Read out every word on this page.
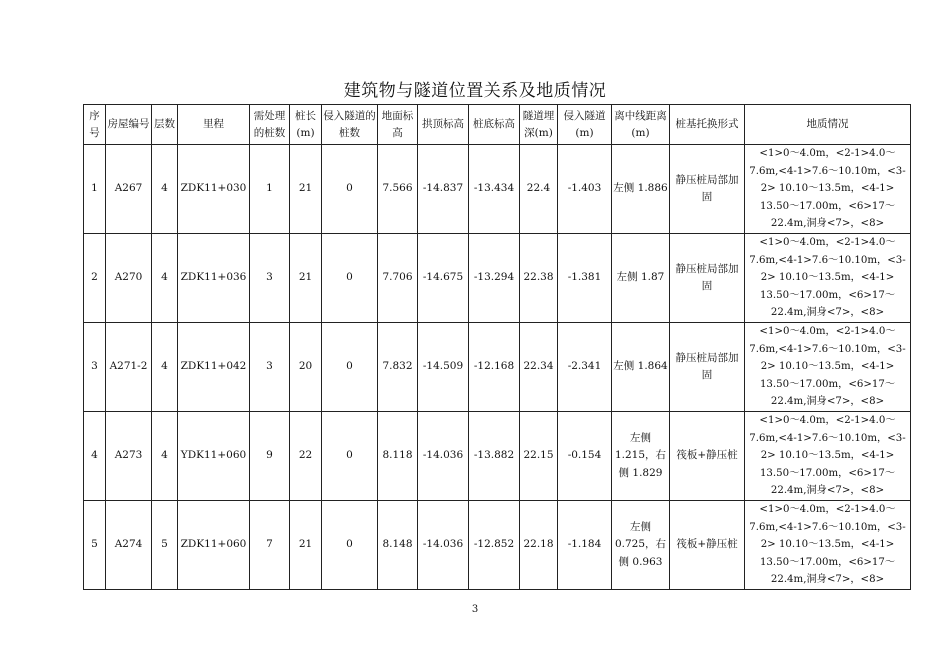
建筑物与隧道位置关系及地质情况
序号	房屋编号	层数	里程	需处理的桩数	桩长(m)	侵入隧道的桩数	地面标高	拱顶标高	桩底标高	隧道埋深(m)	侵入隧道(m)	离中线距离(m)	桩基托换形式	地质情况
1	A267	4	ZDK11+030	1	21	0	7.566	-14.837	-13.434	22.4	-1.403	左侧 1.886	静压桩局部加固	<1>0～4.0m，<2-1>4.0～7.6m,<4-1>7.6～10.10m，<3-2> 10.10～13.5m，<4-1> 13.50～17.00m，<6>17～22.4m,洞身<7>，<8>
2	A270	4	ZDK11+036	3	21	0	7.706	-14.675	-13.294	22.38	-1.381	左侧 1.87	静压桩局部加固	<1>0～4.0m，<2-1>4.0～7.6m,<4-1>7.6～10.10m，<3-2> 10.10～13.5m，<4-1> 13.50～17.00m，<6>17～22.4m,洞身<7>，<8>
3	A271-2	4	ZDK11+042	3	20	0	7.832	-14.509	-12.168	22.34	-2.341	左侧 1.864	静压桩局部加固	<1>0～4.0m，<2-1>4.0～7.6m,<4-1>7.6～10.10m，<3-2> 10.10～13.5m，<4-1> 13.50～17.00m，<6>17～22.4m,洞身<7>，<8>
4	A273	4	YDK11+060	9	22	0	8.118	-14.036	-13.882	22.15	-0.154	左侧 1.215，右侧 1.829	筏板+静压桩	<1>0～4.0m，<2-1>4.0～7.6m,<4-1>7.6～10.10m，<3-2> 10.10～13.5m，<4-1> 13.50～17.00m，<6>17～22.4m,洞身<7>，<8>
5	A274	5	ZDK11+060	7	21	0	8.148	-14.036	-12.852	22.18	-1.184	左侧 0.725，右侧 0.963	筏板+静压桩	<1>0～4.0m，<2-1>4.0～7.6m,<4-1>7.6～10.10m，<3-2> 10.10～13.5m，<4-1> 13.50～17.00m，<6>17～22.4m,洞身<7>，<8>
3
